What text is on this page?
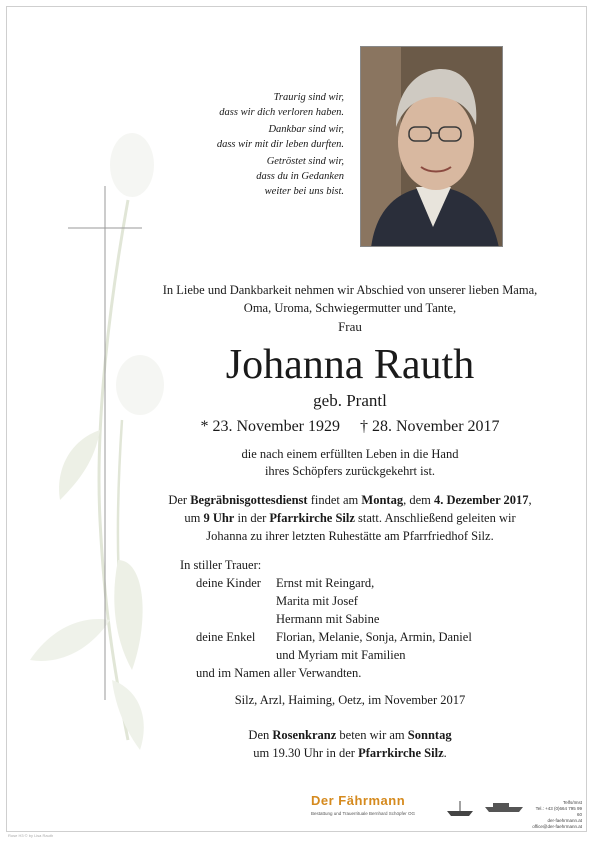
Traurig sind wir,
dass wir dich verloren haben.

Dankbar sind wir,
dass wir mit dir leben durften.

Getröstet sind wir,
dass du in Gedanken
weiter bei uns bist.

In Liebe und Dankbarkeit nehmen wir Abschied von unserer lieben Mama,
Oma, Uroma, Schwiegermutter und Tante,
Frau
Johanna Rauth
geb. Prantl
* 23. November 1929 † 28. November 2017
die nach einem erfüllten Leben in die Hand
ihres Schöpfers zurückgekehrt ist.
Der Begräbnisgottesdienst findet am Montag, dem 4. Dezember 2017,
um 9 Uhr in der Pfarrkirche Silz statt. Anschließend geleiten wir
Johanna zu ihrer letzten Ruhestätte am Pfarrfriedhof Silz.
In stiller Trauer:
deine Kinder	Ernst mit Reingard,
Marita mit Josef
Hermann mit Sabine
deine Enkel	Florian, Melanie, Sonja, Armin, Daniel
und Myriam mit Familien
und im Namen aller Verwandten.
Silz, Arzl, Haiming, Oetz, im November 2017
Den Rosenkranz beten wir am Sonntag
um 19.30 Uhr in der Pfarrkirche Silz.
Der Fährmann
Bestattung und Trauerrituale Bernhard Schöpfer OG
Telfs/Imst
Tel.: +43 (0)664 795 99 60
der-faehrmann.at
office@der-faehrmann.at
Rose H3 © by Lisa Rauth
